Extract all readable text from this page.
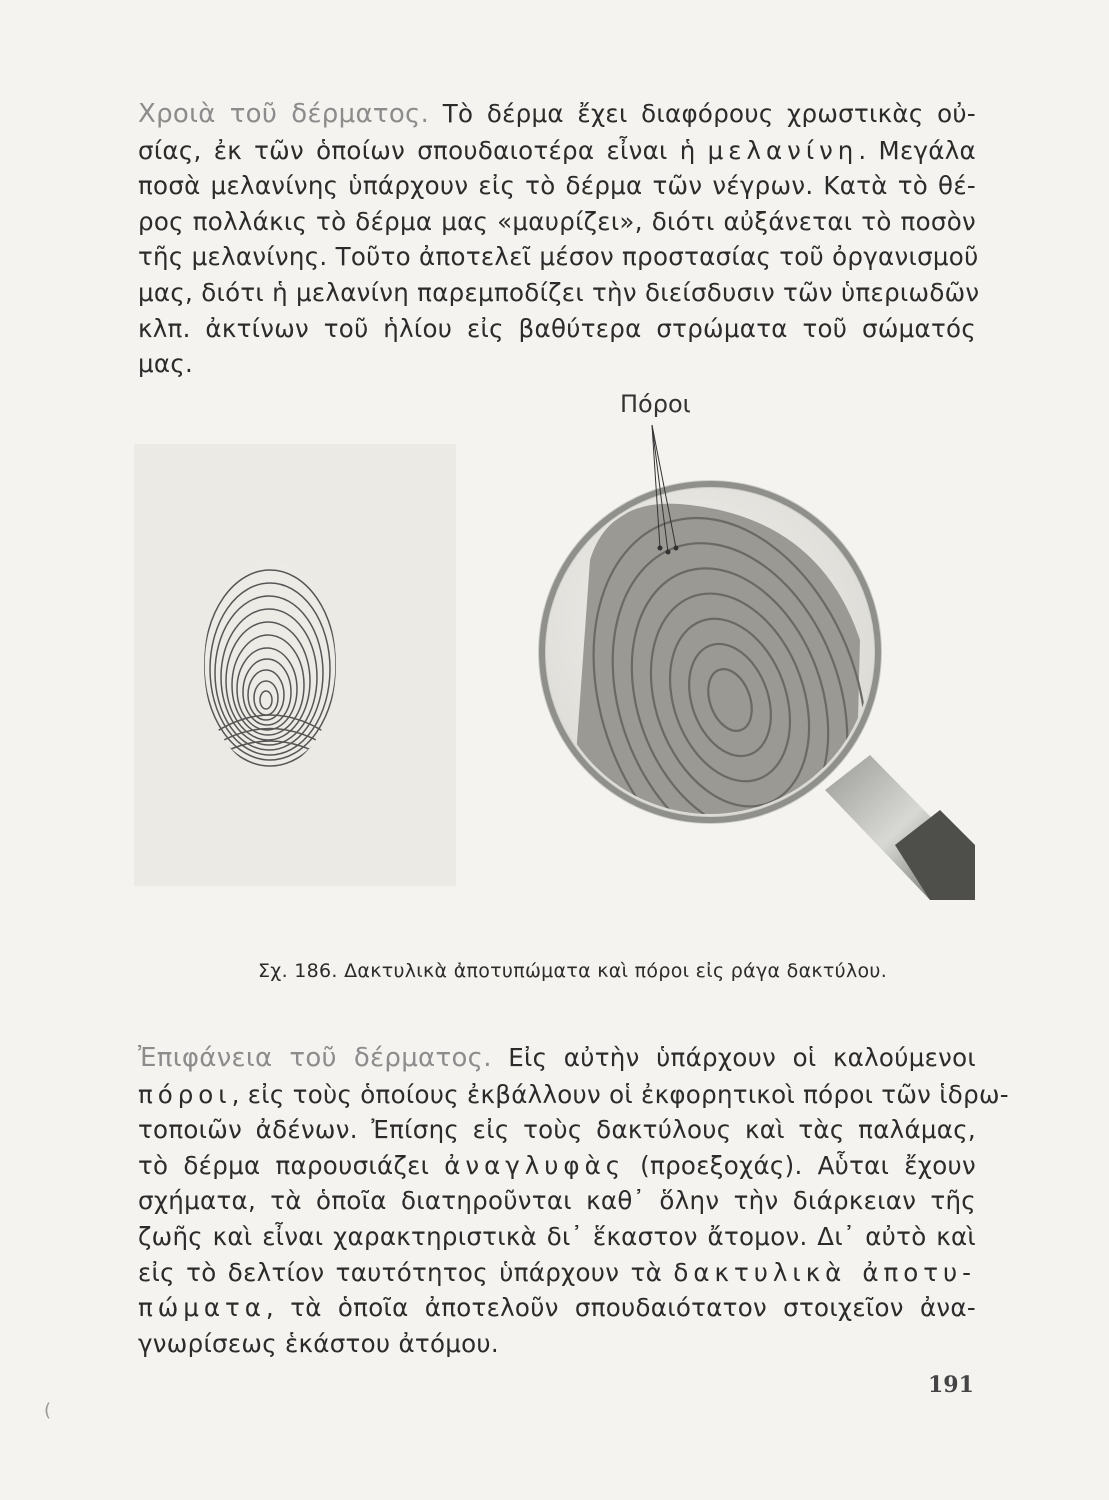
Χροιὰ τοῦ δέρματος. Τὸ δέρμα ἔχει διαφόρους χρωστικὰς οὐ-
σίας, ἐκ τῶν ὁποίων σπουδαιοτέρα εἶναι ἡ μελανίνη. Μεγάλα
ποσὰ μελανίνης ὑπάρχουν εἰς τὸ δέρμα τῶν νέγρων. Κατὰ τὸ θέ-
ρος πολλάκις τὸ δέρμα μας «μαυρίζει», διότι αὐξάνεται τὸ ποσὸν
τῆς μελανίνης. Τοῦτο ἀποτελεῖ μέσον προστασίας τοῦ ὀργανισμοῦ
μας, διότι ἡ μελανίνη παρεμποδίζει τὴν διείσδυσιν τῶν ὑπεριωδῶν
κλπ. ἀκτίνων τοῦ ἡλίου εἰς βαθύτερα στρώματα τοῦ σώματός
μας.
Πόροι
Σχ. 186. Δακτυλικὰ ἀποτυπώματα καὶ πόροι εἰς ράγα δακτύλου.
Ἐπιφάνεια τοῦ δέρματος. Εἰς αὐτὴν ὑπάρχουν οἱ καλούμενοι
πόροι, εἰς τοὺς ὁποίους ἐκβάλλουν οἱ ἐκφορητικοὶ πόροι τῶν ἱδρω-
τοποιῶν ἀδένων. Ἐπίσης εἰς τοὺς δακτύλους καὶ τὰς παλάμας,
τὸ δέρμα παρουσιάζει ἀναγλυφὰς (προεξοχάς). Αὗται ἔχουν
σχήματα, τὰ ὁποῖα διατηροῦνται καθ᾽ ὅλην τὴν διάρκειαν τῆς
ζωῆς καὶ εἶναι χαρακτηριστικὰ δι᾽ ἕκαστον ἄτομον. Δι᾽ αὐτὸ καὶ
εἰς τὸ δελτίον ταυτότητος ὑπάρχουν τὰ δακτυλικὰ ἀποτυ-
πώματα, τὰ ὁποῖα ἀποτελοῦν σπουδαιότατον στοιχεῖον ἀνα-
γνωρίσεως ἑκάστου ἀτόμου.
191
(
